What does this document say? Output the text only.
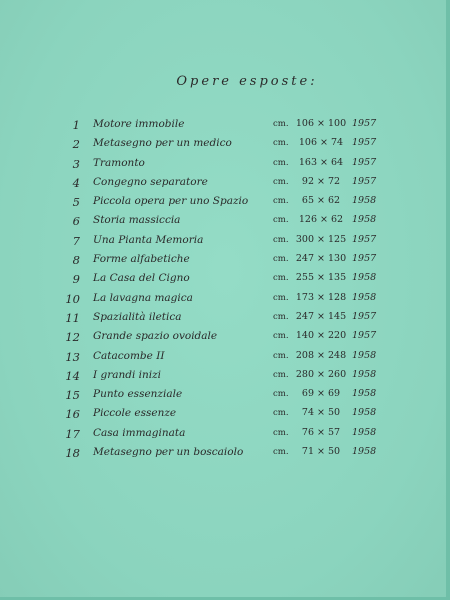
Opere esposte:
1 Motore immobile	cm. 106 × 100 1957
2 Metasegno per un medico	cm.	106 × 74 1957
3 Tramonto	cm.	163 × 64 1957
4 Congegno separatore	cm.	92 × 72	1957
5 Piccola opera per uno Spazio	cm.	65 × 62	1958
6 Storia massiccia	cm.	126 × 62 1958
7 Una Pianta Memoria	cm. 300 × 125 1957
8 Forme alfabetiche	cm. 247 × 130 1957
9 La Casa del Cigno	cm. 255 × 135 1958
10 La lavagna magica	cm. 173 × 128 1958
11 Spazialità iletica	cm. 247 × 145 1957
12 Grande spazio ovoidale	cm. 140 × 220 1957
13 Catacombe II	cm. 208 × 248 1958
14 I grandi inizi	cm. 280 × 260 1958
15 Punto essenziale	cm.	69 × 69	1958
16 Piccole essenze	cm.	74 × 50	1958
17 Casa immaginata	cm.	76 × 57	1958
18 Metasegno per un boscaiolo	cm.	71 × 50	1958
